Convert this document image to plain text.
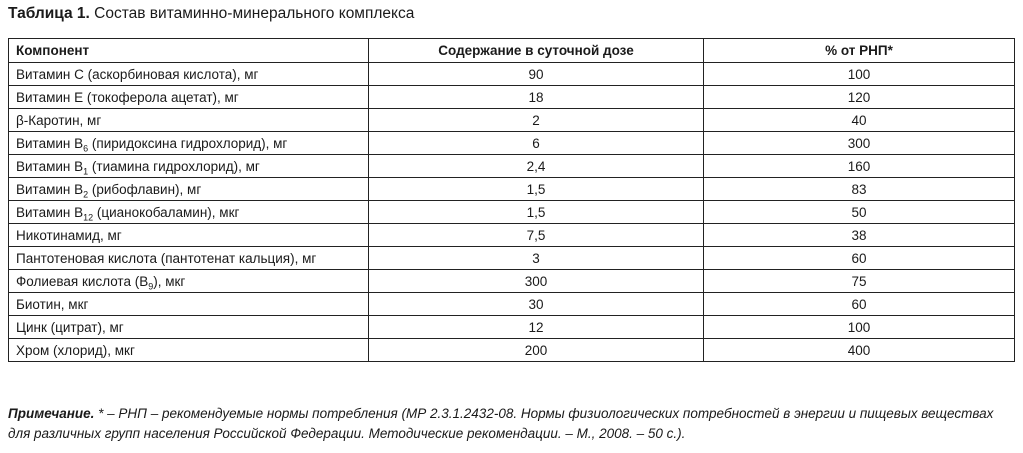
Таблица 1. Состав витаминно-минерального комплекса
Компонент	Содержание в суточной дозе	% от РНП*
Витамин С (аскорбиновая кислота), мг	90	100
Витамин Е (токоферола ацетат), мг	18	120
β-Каротин, мг	2	40
Витамин $B_6$ (пиридоксина гидрохлорид), мг	6	300
Витамин $B_1$ (тиамина гидрохлорид), мг	2,4	160
Витамин $B_2$ (рибофлавин), мг	1,5	83
Витамин $B_{12}$ (цианокобаламин), мкг	1,5	50
Никотинамид, мг	7,5	38
Пантотеновая кислота (пантотенат кальция), мг	3	60
Фолиевая кислота $(B_9)$, мкг	300	75
Биотин, мкг	30	60
Цинк (цитрат), мг	12	100
Хром (хлорид), мкг	200	400
Примечание. * – РНП – рекомендуемые нормы потребления (МР 2.3.1.2432-08. Нормы физиологических потребностей в энергии и пищевых веществах для различных групп населения Российской Федерации. Методические рекомендации. – М., 2008. – 50 с.).
